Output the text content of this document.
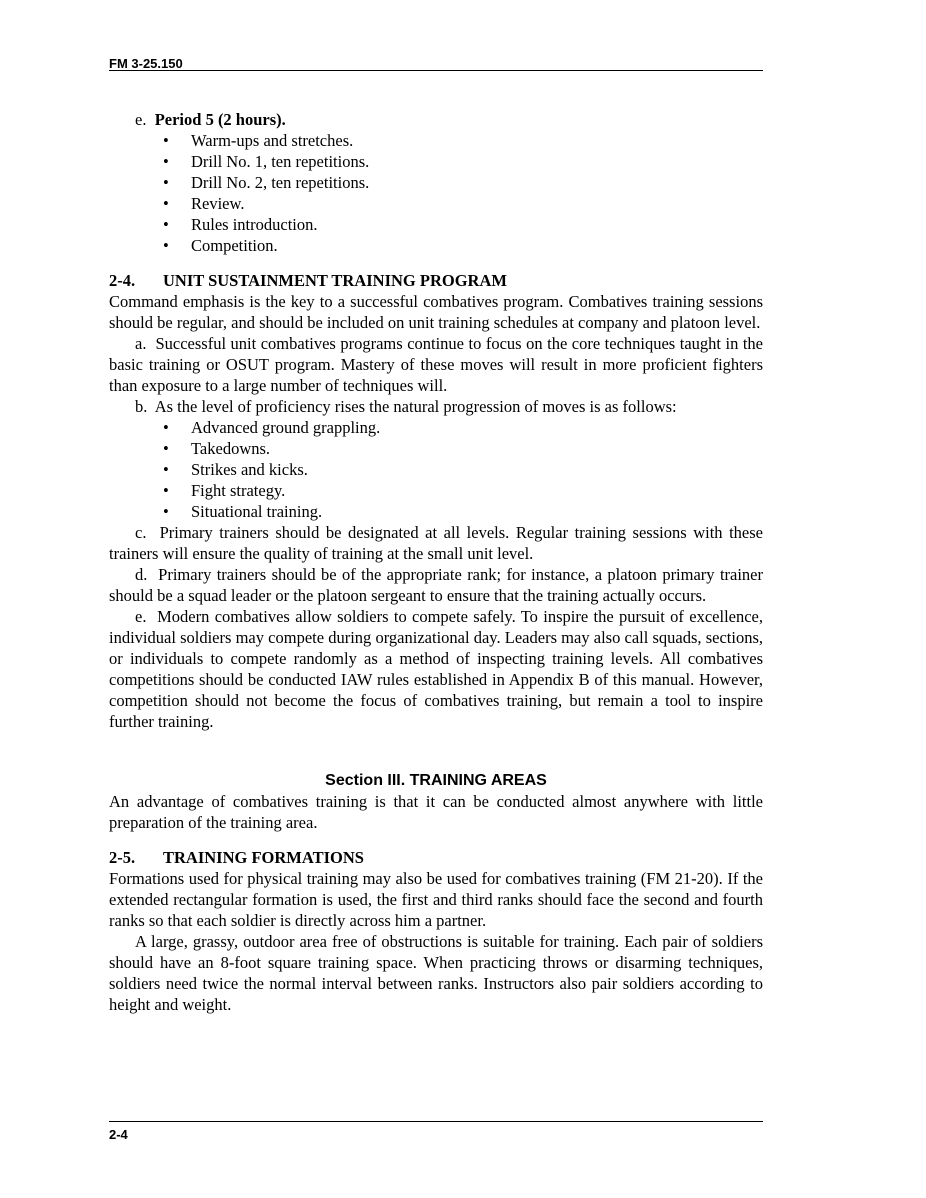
FM 3-25.150

e. Period 5 (2 hours).

• Warm-ups and stretches.
• Drill No. 1, ten repetitions.
• Drill No. 2, ten repetitions.
• Review.
• Rules introduction.
• Competition.

2-4. UNIT SUSTAINMENT TRAINING PROGRAM

Command emphasis is the key to a successful combatives program. Combatives training sessions should be regular, and should be included on unit training schedules at company and platoon level.

a.  Successful unit combatives programs continue to focus on the core techniques taught in the basic training or OSUT program. Mastery of these moves will result in more proficient fighters than exposure to a large number of techniques will.

b.  As the level of proficiency rises the natural progression of moves is as follows:

• Advanced ground grappling.
• Takedowns.
• Strikes and kicks.
• Fight strategy.
• Situational training.

c.  Primary trainers should be designated at all levels. Regular training sessions with these trainers will ensure the quality of training at the small unit level.

d.  Primary trainers should be of the appropriate rank; for instance, a platoon primary trainer should be a squad leader or the platoon sergeant to ensure that the training actually occurs.

e.  Modern combatives allow soldiers to compete safely. To inspire the pursuit of excellence, individual soldiers may compete during organizational day. Leaders may also call squads, sections, or individuals to compete randomly as a method of inspecting training levels. All combatives competitions should be conducted IAW rules established in Appendix B of this manual. However, competition should not become the focus of combatives training, but remain a tool to inspire further training.

Section III. TRAINING AREAS

An advantage of combatives training is that it can be conducted almost anywhere with little preparation of the training area.

2-5. TRAINING FORMATIONS

Formations used for physical training may also be used for combatives training (FM 21-20). If the extended rectangular formation is used, the first and third ranks should face the second and fourth ranks so that each soldier is directly across him a partner.

A large, grassy, outdoor area free of obstructions is suitable for training. Each pair of soldiers should have an 8-foot square training space. When practicing throws or disarming techniques, soldiers need twice the normal interval between ranks. Instructors also pair soldiers according to height and weight.

2-4
